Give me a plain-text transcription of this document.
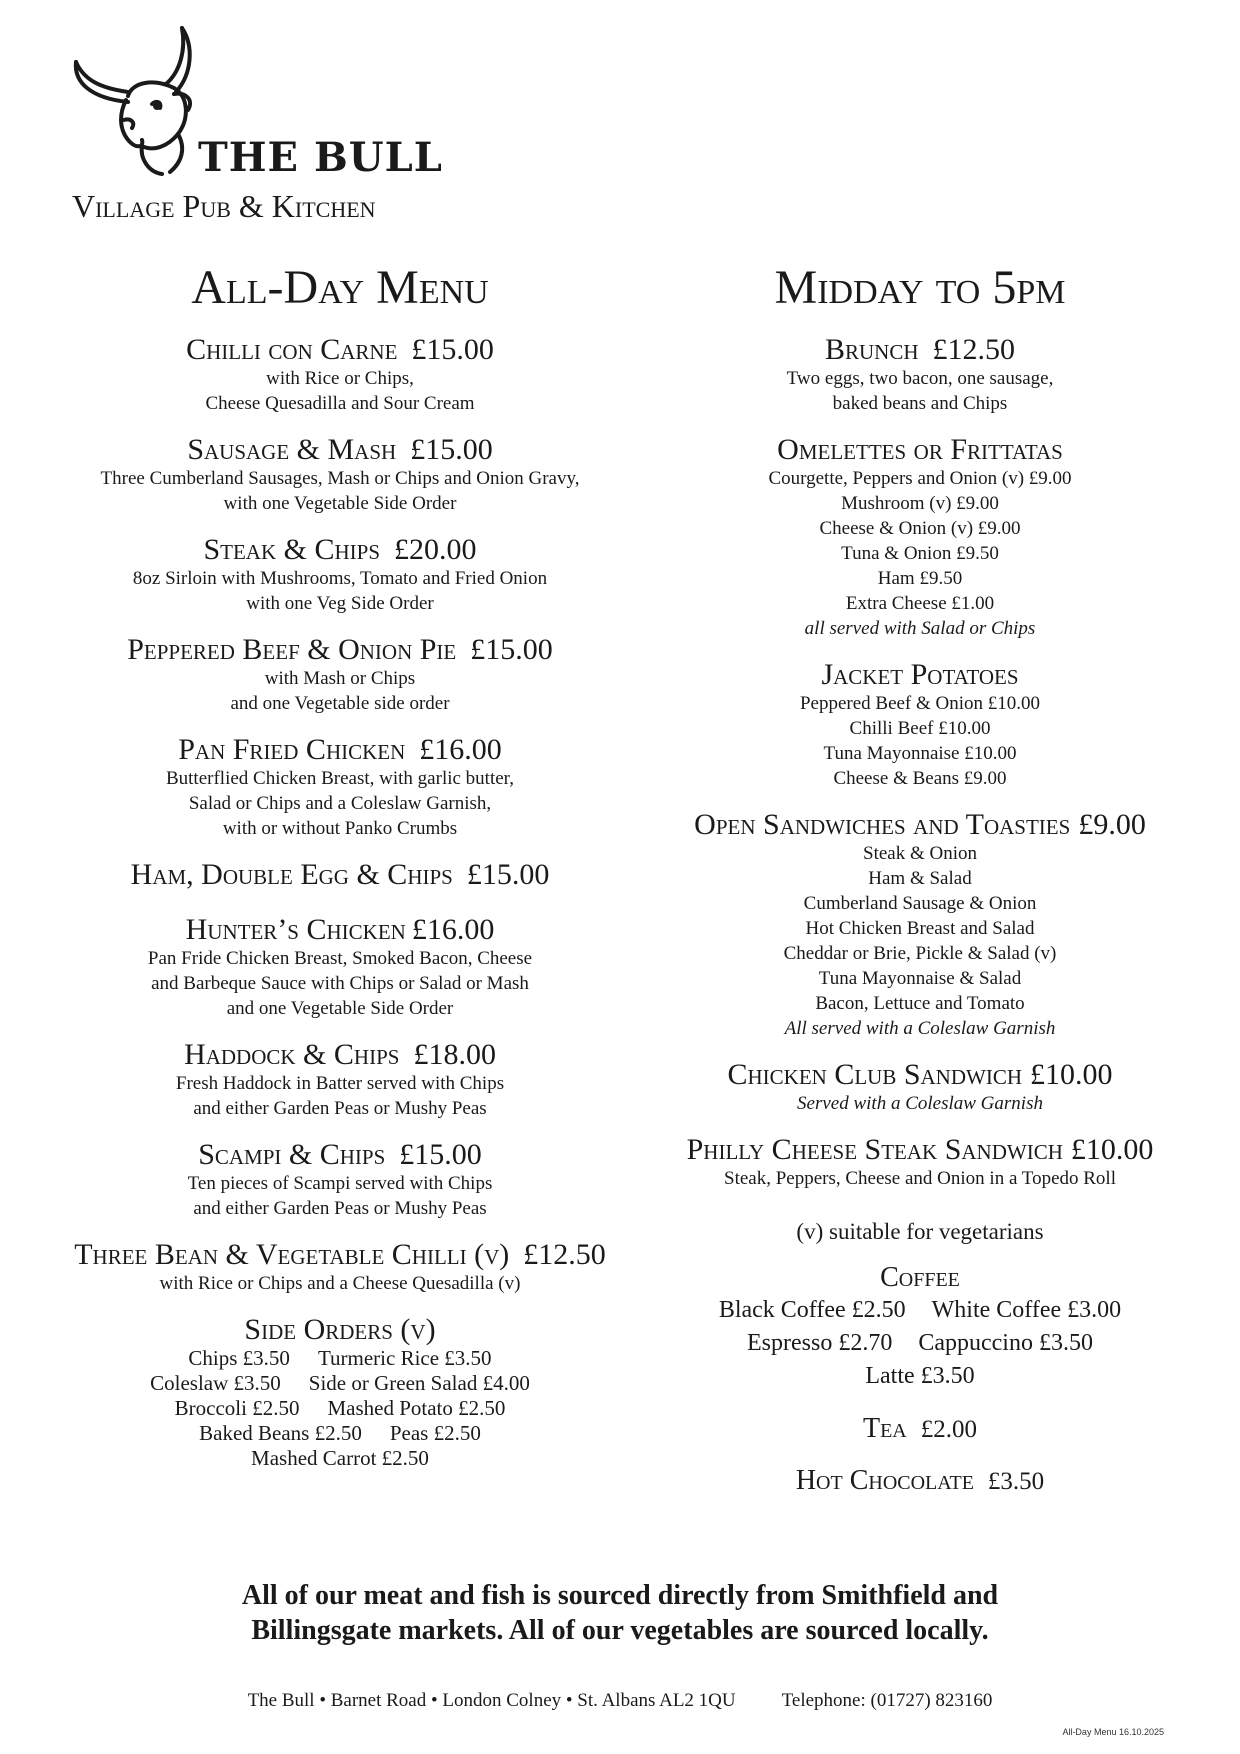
THE BULL
Village Pub & Kitchen
All-Day Menu
Chilli con Carne £15.00
with Rice or Chips,
Cheese Quesadilla and Sour Cream
Sausage & Mash £15.00
Three Cumberland Sausages, Mash or Chips and Onion Gravy,
with one Vegetable Side Order
Steak & Chips £20.00
8oz Sirloin with Mushrooms, Tomato and Fried Onion
with one Veg Side Order
Peppered Beef & Onion Pie £15.00
with Mash or Chips
and one Vegetable side order
Pan Fried Chicken £16.00
Butterflied Chicken Breast, with garlic butter,
Salad or Chips and a Coleslaw Garnish,
with or without Panko Crumbs
Ham, Double Egg & Chips £15.00
Hunter’s Chicken £16.00
Pan Fride Chicken Breast, Smoked Bacon, Cheese
and Barbeque Sauce with Chips or Salad or Mash
and one Vegetable Side Order
Haddock & Chips £18.00
Fresh Haddock in Batter served with Chips
and either Garden Peas or Mushy Peas
Scampi & Chips £15.00
Ten pieces of Scampi served with Chips
and either Garden Peas or Mushy Peas
Three Bean & Vegetable Chilli (v) £12.50
with Rice or Chips and a Cheese Quesadilla (v)
Side Orders (v)
Chips £3.50 Turmeric Rice £3.50
Coleslaw £3.50 Side or Green Salad £4.00
Broccoli £2.50 Mashed Potato £2.50
Baked Beans £2.50 Peas £2.50
Mashed Carrot £2.50
Midday to 5pm
Brunch £12.50
Two eggs, two bacon, one sausage,
baked beans and Chips
Omelettes or Frittatas
Courgette, Peppers and Onion (v) £9.00
Mushroom (v) £9.00
Cheese & Onion (v) £9.00
Tuna & Onion £9.50
Ham £9.50
Extra Cheese £1.00
all served with Salad or Chips
Jacket Potatoes
Peppered Beef & Onion £10.00
Chilli Beef £10.00
Tuna Mayonnaise £10.00
Cheese & Beans £9.00
Open Sandwiches and Toasties £9.00
Steak & Onion
Ham & Salad
Cumberland Sausage & Onion
Hot Chicken Breast and Salad
Cheddar or Brie, Pickle & Salad (v)
Tuna Mayonnaise & Salad
Bacon, Lettuce and Tomato
All served with a Coleslaw Garnish
Chicken Club Sandwich £10.00
Served with a Coleslaw Garnish
Philly Cheese Steak Sandwich £10.00
Steak, Peppers, Cheese and Onion in a Topedo Roll
(v) suitable for vegetarians
Coffee
Black Coffee £2.50 White Coffee £3.00
Espresso £2.70 Cappuccino £3.50
Latte £3.50
Tea £2.00
Hot Chocolate £3.50
All of our meat and fish is sourced directly from Smithfield and
Billingsgate markets. All of our vegetables are sourced locally.
The Bull • Barnet Road • London Colney • St. Albans AL2 1QU Telephone: (01727) 823160
All-Day Menu 16.10.2025
